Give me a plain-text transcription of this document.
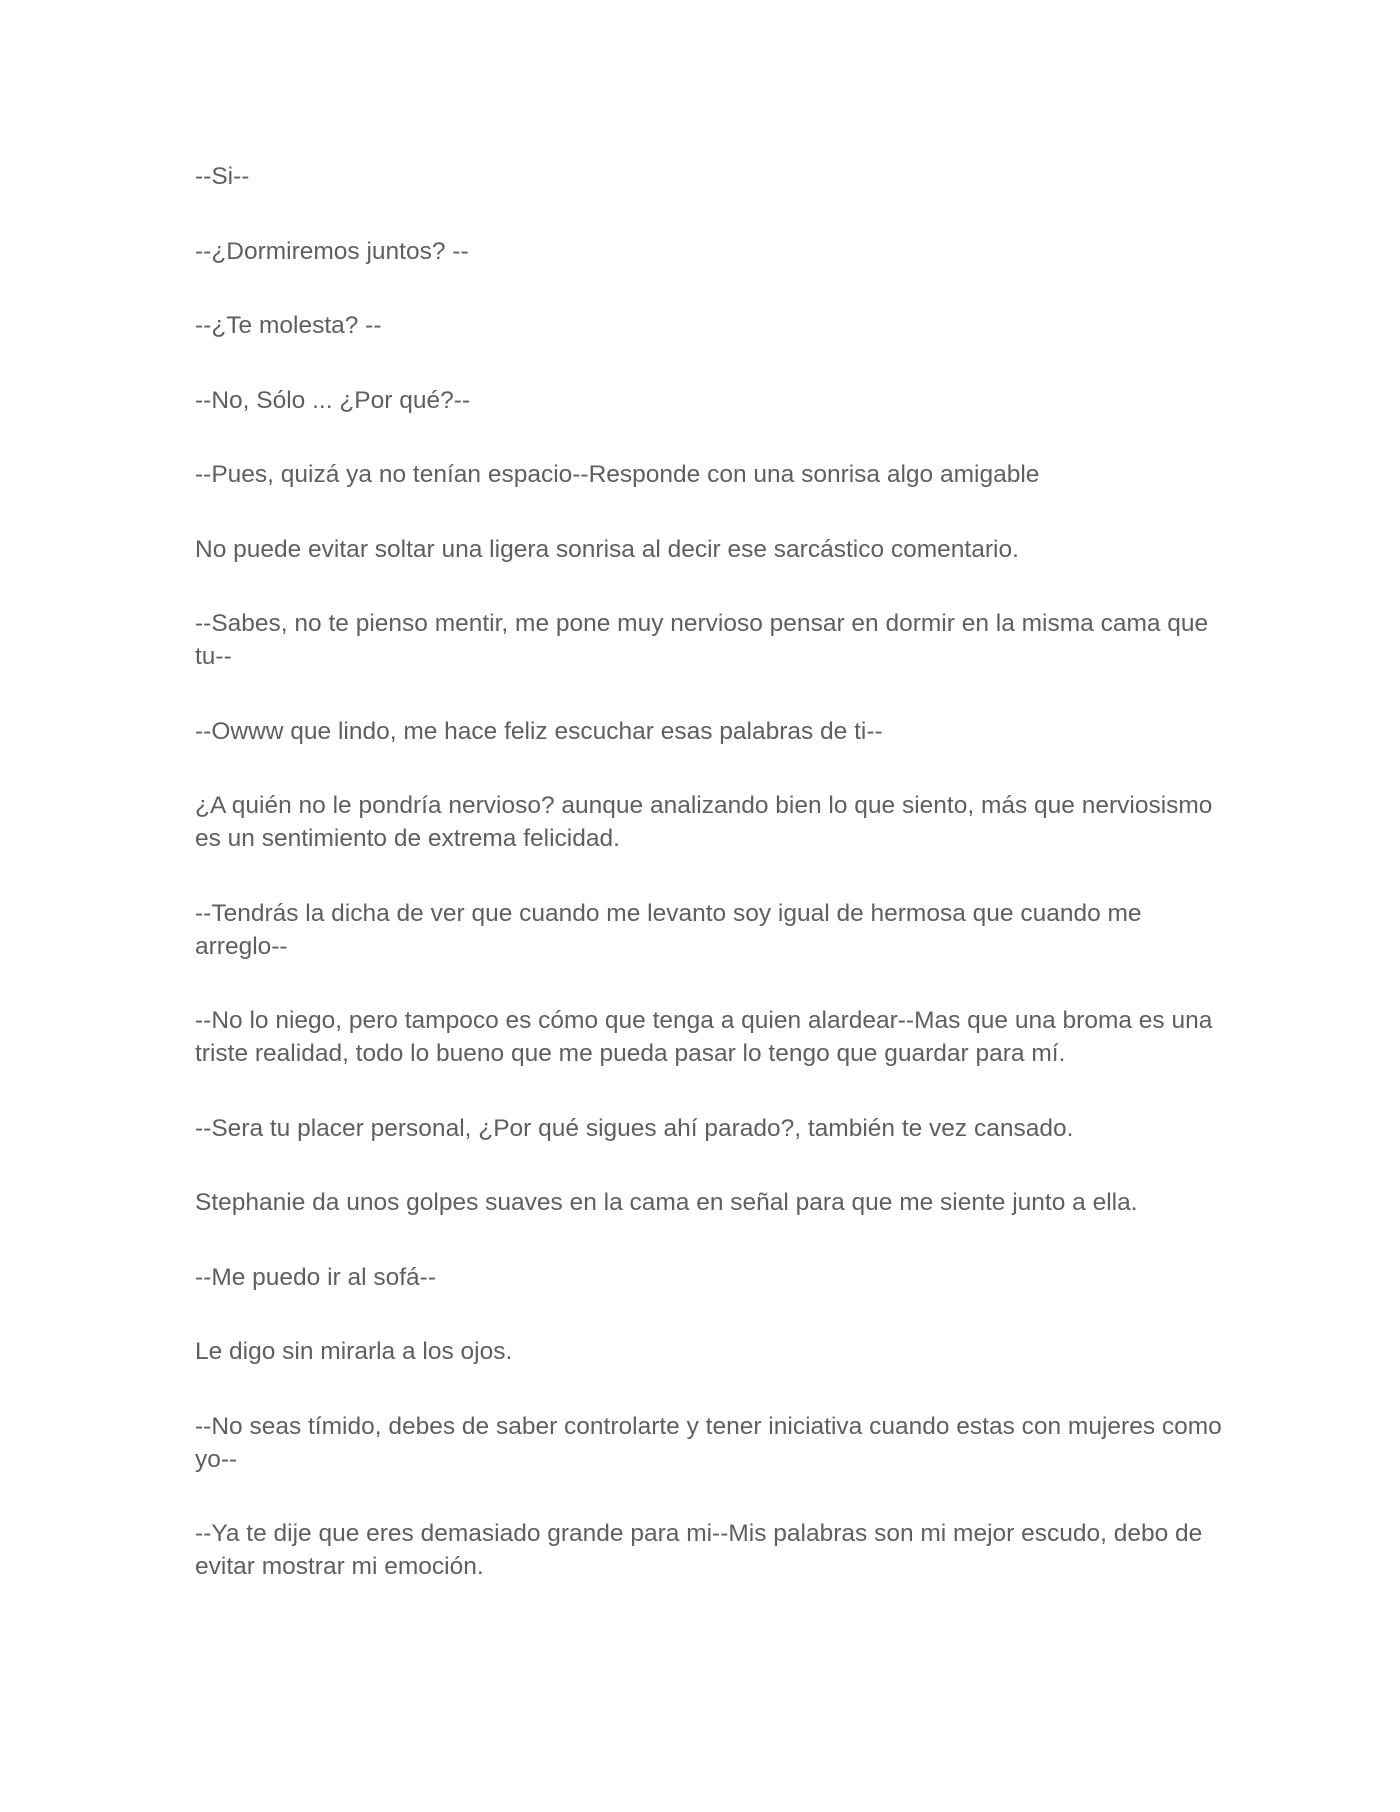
--Si--

--¿Dormiremos juntos? --

--¿Te molesta? --

--No, Sólo ... ¿Por qué?--

--Pues, quizá ya no tenían espacio--Responde con una sonrisa algo amigable

No puede evitar soltar una ligera sonrisa al decir ese sarcástico comentario.

--Sabes, no te pienso mentir, me pone muy nervioso pensar en dormir en la misma cama que tu--

--Owww que lindo, me hace feliz escuchar esas palabras de ti--

¿A quién no le pondría nervioso? aunque analizando bien lo que siento, más que nerviosismo es un sentimiento de extrema felicidad.

--Tendrás la dicha de ver que cuando me levanto soy igual de hermosa que cuando me arreglo--

--No lo niego, pero tampoco es cómo que tenga a quien alardear--Mas que una broma es una triste realidad, todo lo bueno que me pueda pasar lo tengo que guardar para mí.

--Sera tu placer personal, ¿Por qué sigues ahí parado?, también te vez cansado.

Stephanie da unos golpes suaves en la cama en señal para que me siente junto a ella.

--Me puedo ir al sofá--

Le digo sin mirarla a los ojos.

--No seas tímido, debes de saber controlarte y tener iniciativa cuando estas con mujeres como yo--

--Ya te dije que eres demasiado grande para mi--Mis palabras son mi mejor escudo, debo de evitar mostrar mi emoción.
